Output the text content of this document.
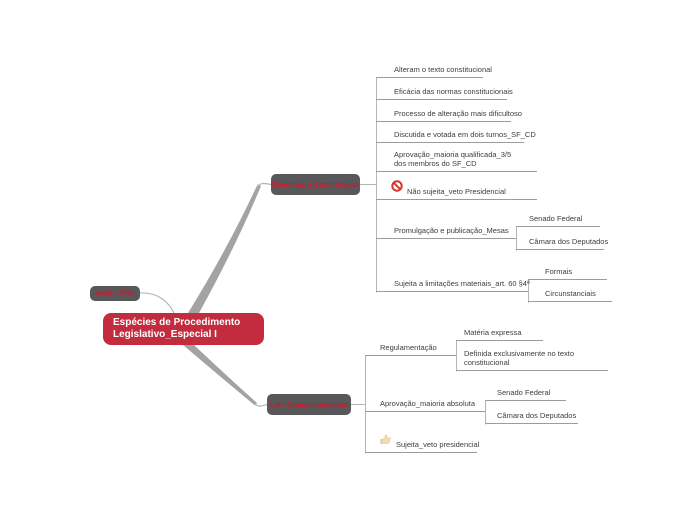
art.59_CF/88
Espécies de Procedimento Legislativo_Especial I
Emendas à Constituição
Leis Complementares
Alteram o texto constitucional
Eficácia das normas constitucionais
Processo de alteração mais dificultoso
Discutida e votada em dois turnos_SF_CD
Aprovação_maioria qualificada_3/5 dos membros do SF_CD
Não sujeita_veto Presidencial
Promulgação e publicação_Mesas
Senado Federal
Câmara dos Deputados
Sujeita a limitações materiais_art. 60 §4ª
Formais
Circunstanciais
Regulamentação
Matéria expressa
Definida exclusivamente no texto constitucional
Aprovação_maioria absoluta
Senado Federal
Câmara dos Deputados
Sujeita_veto presidencial
